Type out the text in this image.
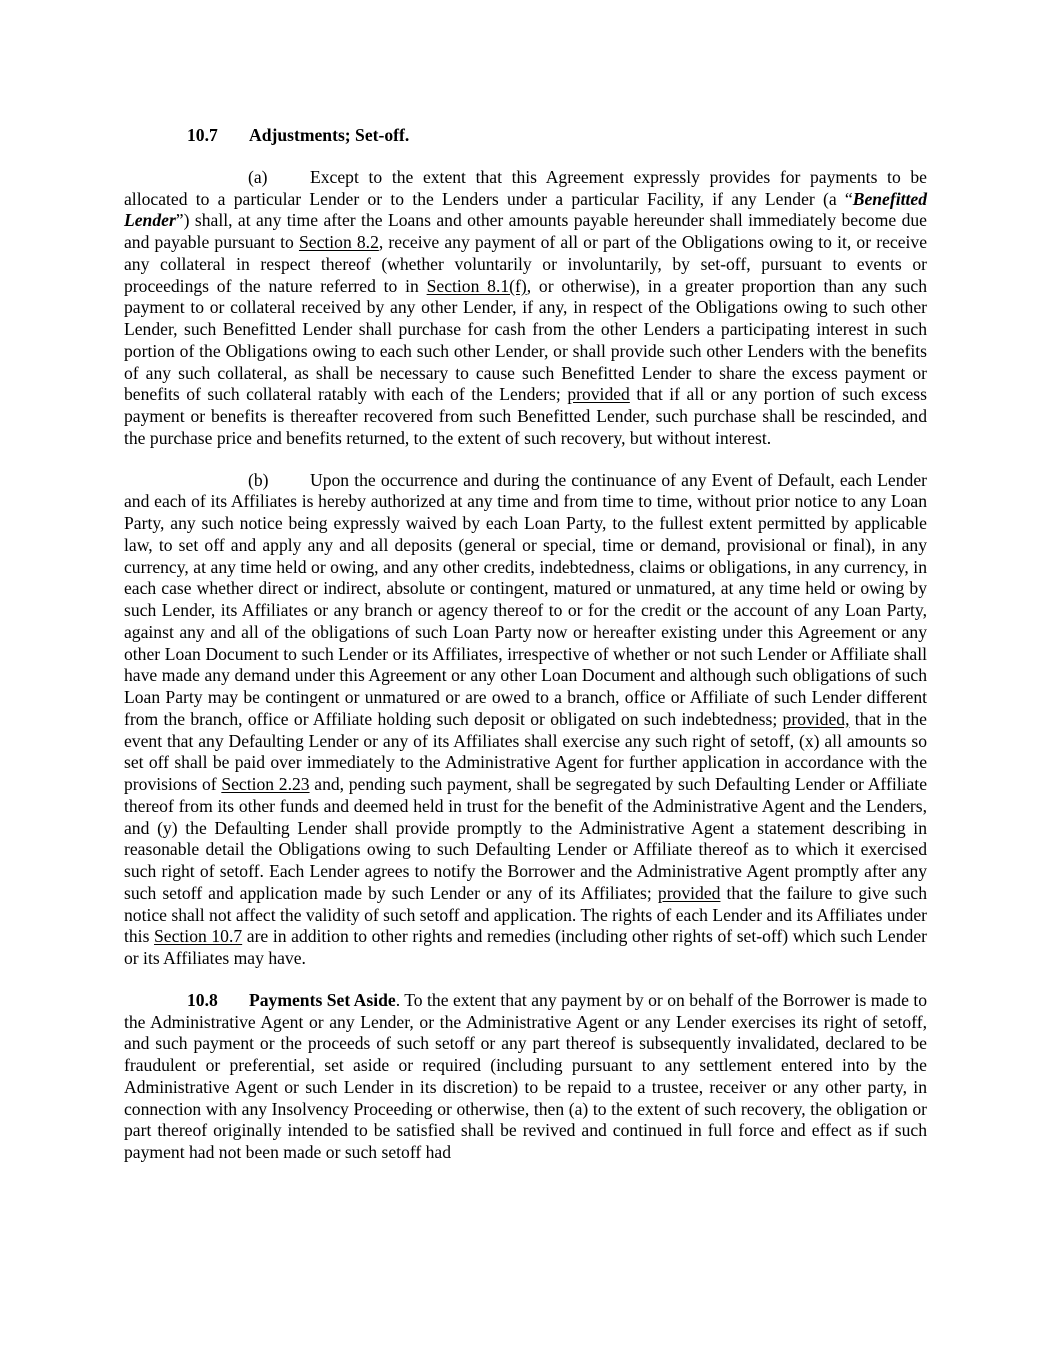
10.7 Adjustments; Set-off.

(a) Except to the extent that this Agreement expressly provides for payments to be allocated to a particular Lender or to the Lenders under a particular Facility, if any Lender (a “Benefitted Lender”) shall, at any time after the Loans and other amounts payable hereunder shall immediately become due and payable pursuant to Section 8.2, receive any payment of all or part of the Obligations owing to it, or receive any collateral in respect thereof (whether voluntarily or involuntarily, by set-off, pursuant to events or proceedings of the nature referred to in Section 8.1(f), or otherwise), in a greater proportion than any such payment to or collateral received by any other Lender, if any, in respect of the Obligations owing to such other Lender, such Benefitted Lender shall purchase for cash from the other Lenders a participating interest in such portion of the Obligations owing to each such other Lender, or shall provide such other Lenders with the benefits of any such collateral, as shall be necessary to cause such Benefitted Lender to share the excess payment or benefits of such collateral ratably with each of the Lenders; provided that if all or any portion of such excess payment or benefits is thereafter recovered from such Benefitted Lender, such purchase shall be rescinded, and the purchase price and benefits returned, to the extent of such recovery, but without interest.

(b) Upon the occurrence and during the continuance of any Event of Default, each Lender and each of its Affiliates is hereby authorized at any time and from time to time, without prior notice to any Loan Party, any such notice being expressly waived by each Loan Party, to the fullest extent permitted by applicable law, to set off and apply any and all deposits (general or special, time or demand, provisional or final), in any currency, at any time held or owing, and any other credits, indebtedness, claims or obligations, in any currency, in each case whether direct or indirect, absolute or contingent, matured or unmatured, at any time held or owing by such Lender, its Affiliates or any branch or agency thereof to or for the credit or the account of any Loan Party, against any and all of the obligations of such Loan Party now or hereafter existing under this Agreement or any other Loan Document to such Lender or its Affiliates, irrespective of whether or not such Lender or Affiliate shall have made any demand under this Agreement or any other Loan Document and although such obligations of such Loan Party may be contingent or unmatured or are owed to a branch, office or Affiliate of such Lender different from the branch, office or Affiliate holding such deposit or obligated on such indebtedness; provided, that in the event that any Defaulting Lender or any of its Affiliates shall exercise any such right of setoff, (x) all amounts so set off shall be paid over immediately to the Administrative Agent for further application in accordance with the provisions of Section 2.23 and, pending such payment, shall be segregated by such Defaulting Lender or Affiliate thereof from its other funds and deemed held in trust for the benefit of the Administrative Agent and the Lenders, and (y) the Defaulting Lender shall provide promptly to the Administrative Agent a statement describing in reasonable detail the Obligations owing to such Defaulting Lender or Affiliate thereof as to which it exercised such right of setoff. Each Lender agrees to notify the Borrower and the Administrative Agent promptly after any such setoff and application made by such Lender or any of its Affiliates; provided that the failure to give such notice shall not affect the validity of such setoff and application. The rights of each Lender and its Affiliates under this Section 10.7 are in addition to other rights and remedies (including other rights of set-off) which such Lender or its Affiliates may have.

10.8 Payments Set Aside. To the extent that any payment by or on behalf of the Borrower is made to the Administrative Agent or any Lender, or the Administrative Agent or any Lender exercises its right of setoff, and such payment or the proceeds of such setoff or any part thereof is subsequently invalidated, declared to be fraudulent or preferential, set aside or required (including pursuant to any settlement entered into by the Administrative Agent or such Lender in its discretion) to be repaid to a trustee, receiver or any other party, in connection with any Insolvency Proceeding or otherwise, then (a) to the extent of such recovery, the obligation or part thereof originally intended to be satisfied shall be revived and continued in full force and effect as if such payment had not been made or such setoff had
